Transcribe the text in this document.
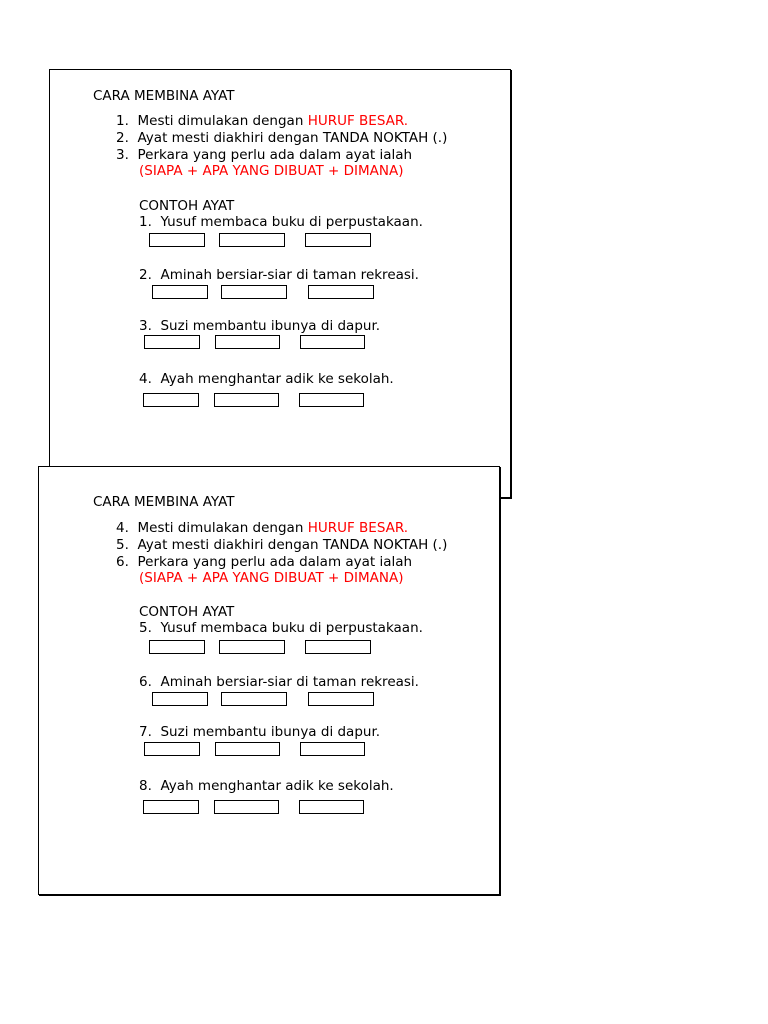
CARA MEMBINA AYAT
1. Mesti dimulakan dengan HURUF BESAR.
2. Ayat mesti diakhiri dengan TANDA NOKTAH (.)
3. Perkara yang perlu ada dalam ayat ialah
(SIAPA + APA YANG DIBUAT + DIMANA)
CONTOH AYAT
1. Yusuf membaca buku di perpustakaan.
2. Aminah bersiar-siar di taman rekreasi.
3. Suzi membantu ibunya di dapur.
4. Ayah menghantar adik ke sekolah.
CARA MEMBINA AYAT
4. Mesti dimulakan dengan HURUF BESAR.
5. Ayat mesti diakhiri dengan TANDA NOKTAH (.)
6. Perkara yang perlu ada dalam ayat ialah
(SIAPA + APA YANG DIBUAT + DIMANA)
CONTOH AYAT
5. Yusuf membaca buku di perpustakaan.
6. Aminah bersiar-siar di taman rekreasi.
7. Suzi membantu ibunya di dapur.
8. Ayah menghantar adik ke sekolah.
